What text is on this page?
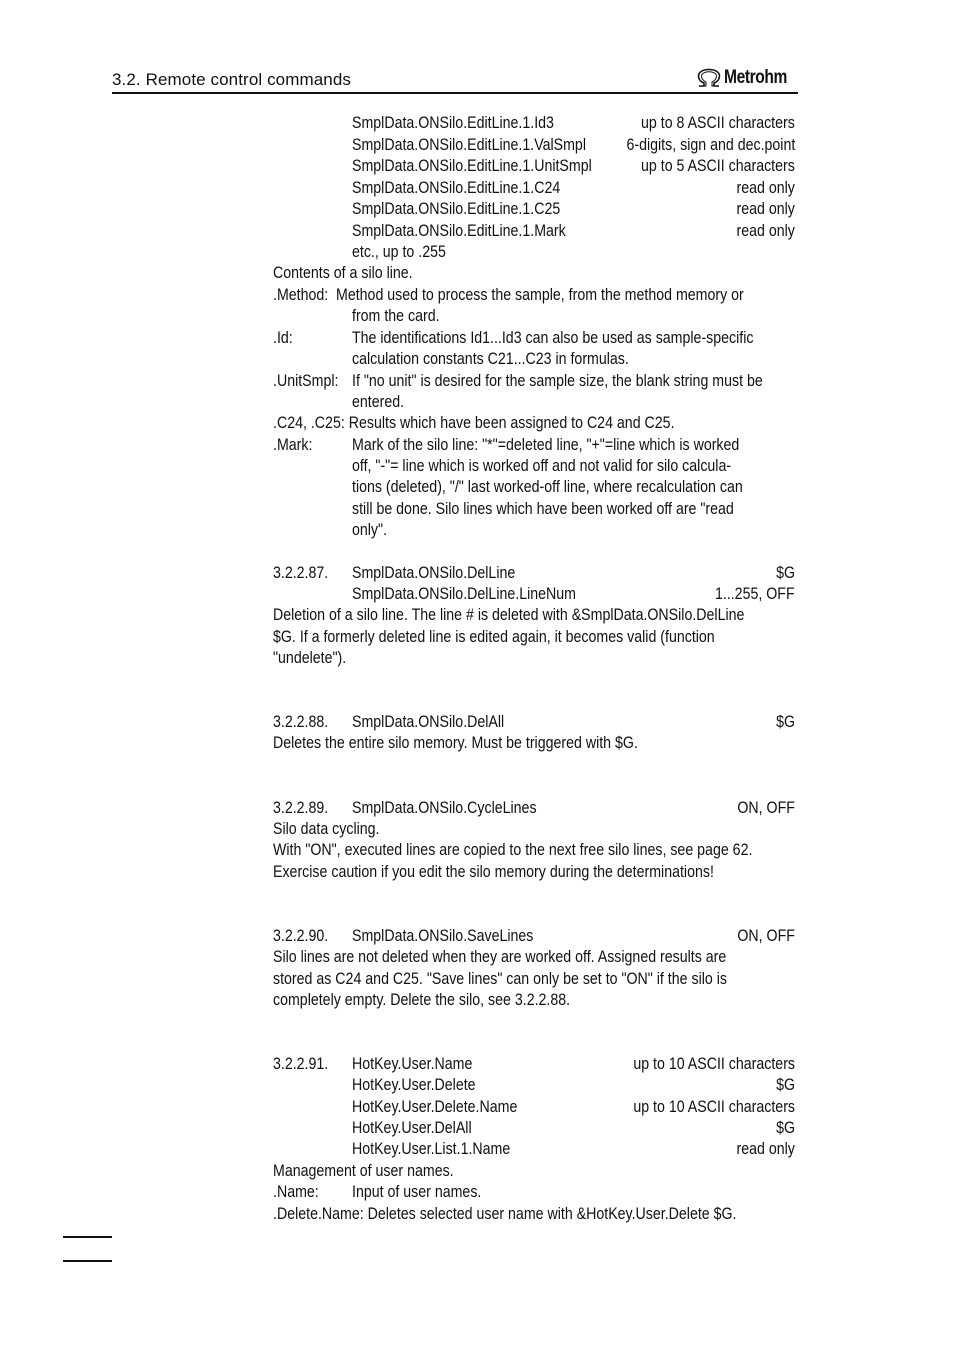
3.2. Remote control commands	Metrohm
SmplData.ONSilo.EditLine.1.Id3	up to 8 ASCII characters
SmplData.ONSilo.EditLine.1.ValSmpl 6-digits, sign and dec.point
SmplData.ONSilo.EditLine.1.UnitSmpl	up to 5 ASCII characters
SmplData.ONSilo.EditLine.1.C24	read only
SmplData.ONSilo.EditLine.1.C25	read only
SmplData.ONSilo.EditLine.1.Mark	read only
etc., up to .255
Contents of a silo line.
.Method: Method used to process the sample, from the method memory or
from the card.
.Id:	The identifications Id1...Id3 can also be used as sample-specific
calculation constants C21...C23 in formulas.
.UnitSmpl: If "no unit" is desired for the sample size, the blank string must be
entered.
.C24, .C25: Results which have been assigned to C24 and C25.
.Mark: Mark of the silo line: "*"=deleted line, "+"=line which is worked
off, "-"= line which is worked off and not valid for silo calcula-
tions (deleted), "/" last worked-off line, where recalculation can
still be done. Silo lines which have been worked off are "read
only".
3.2.2.87. SmplData.ONSilo.DelLine	$G
SmplData.ONSilo.DelLine.LineNum	1...255, OFF
Deletion of a silo line. The line # is deleted with &SmplData.ONSilo.DelLine
$G. If a formerly deleted line is edited again, it becomes valid (function
"undelete").
3.2.2.88. SmplData.ONSilo.DelAll	$G
Deletes the entire silo memory. Must be triggered with $G.
3.2.2.89. SmplData.ONSilo.CycleLines	ON, OFF
Silo data cycling.
With "ON", executed lines are copied to the next free silo lines, see page 62.
Exercise caution if you edit the silo memory during the determinations!
3.2.2.90. SmplData.ONSilo.SaveLines	ON, OFF
Silo lines are not deleted when they are worked off. Assigned results are
stored as C24 and C25. "Save lines" can only be set to "ON" if the silo is
completely empty. Delete the silo, see 3.2.2.88.
3.2.2.91. HotKey.User.Name	up to 10 ASCII characters
HotKey.User.Delete	$G
HotKey.User.Delete.Name	up to 10 ASCII characters
HotKey.User.DelAll	$G
HotKey.User.List.1.Name	read only
Management of user names.
.Name: Input of user names.
.Delete.Name: Deletes selected user name with &HotKey.User.Delete $G.
